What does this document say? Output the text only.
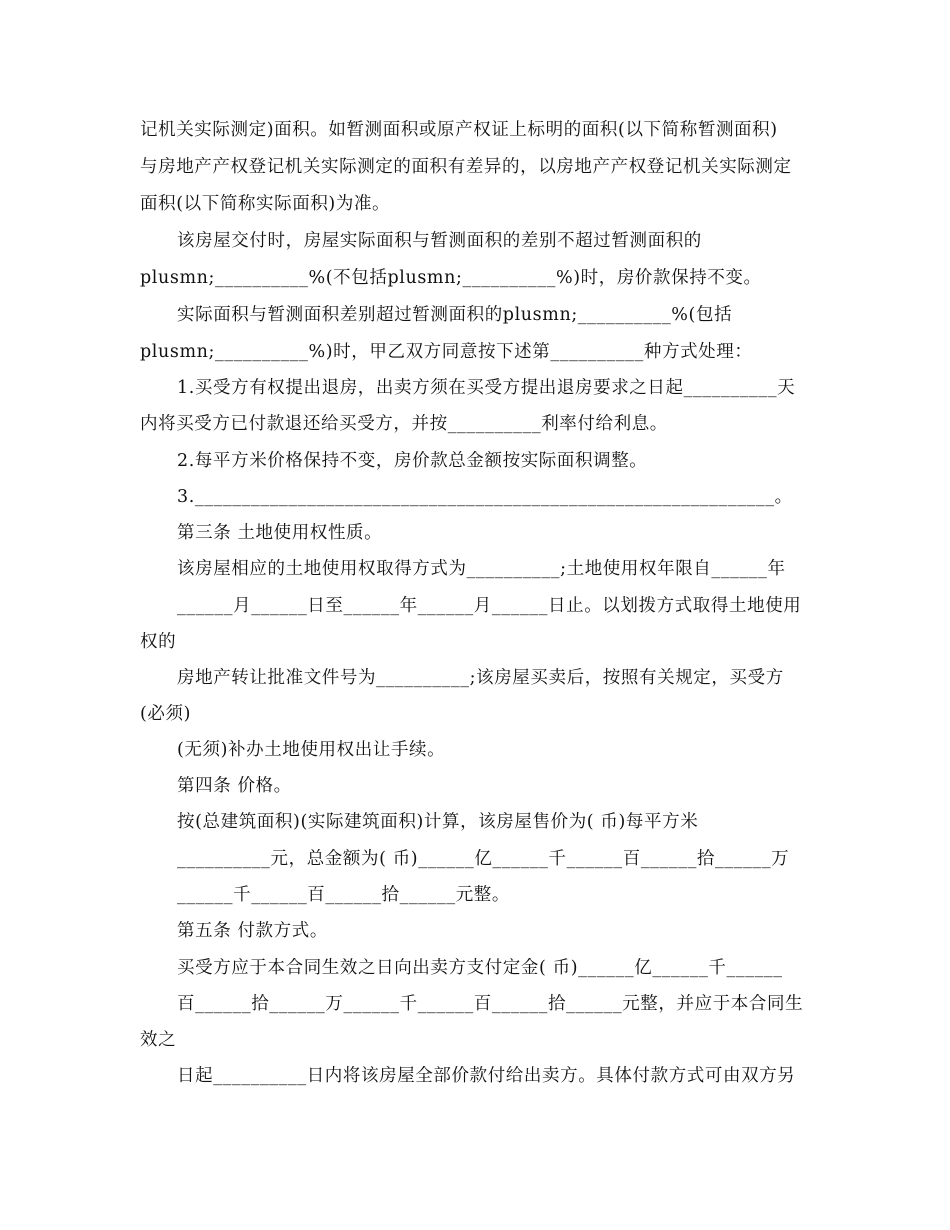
记机关实际测定)面积。如暂测面积或原产权证上标明的面积(以下简称暂测面积)
与房地产产权登记机关实际测定的面积有差异的，以房地产产权登记机关实际测定
面积(以下简称实际面积)为准。
该房屋交付时，房屋实际面积与暂测面积的差别不超过暂测面积的
plusmn;__________%(不包括plusmn;__________%)时，房价款保持不变。
实际面积与暂测面积差别超过暂测面积的plusmn;__________%(包括
plusmn;__________%)时，甲乙双方同意按下述第__________种方式处理：
1.买受方有权提出退房，出卖方须在买受方提出退房要求之日起__________天
内将买受方已付款退还给买受方，并按__________利率付给利息。
2.每平方米价格保持不变，房价款总金额按实际面积调整。
3.______________________________________________________________。
第三条 土地使用权性质。
该房屋相应的土地使用权取得方式为__________;土地使用权年限自______年
______月______日至______年______月______日止。以划拨方式取得土地使用
权的
房地产转让批准文件号为__________;该房屋买卖后，按照有关规定，买受方
(必须)
(无须)补办土地使用权出让手续。
第四条 价格。
按(总建筑面积)(实际建筑面积)计算，该房屋售价为( 币)每平方米
__________元，总金额为( 币)______亿______千______百______拾______万
______千______百______拾______元整。
第五条 付款方式。
买受方应于本合同生效之日向出卖方支付定金( 币)______亿______千______
百______拾______万______千______百______拾______元整，并应于本合同生
效之
日起__________日内将该房屋全部价款付给出卖方。具体付款方式可由双方另
